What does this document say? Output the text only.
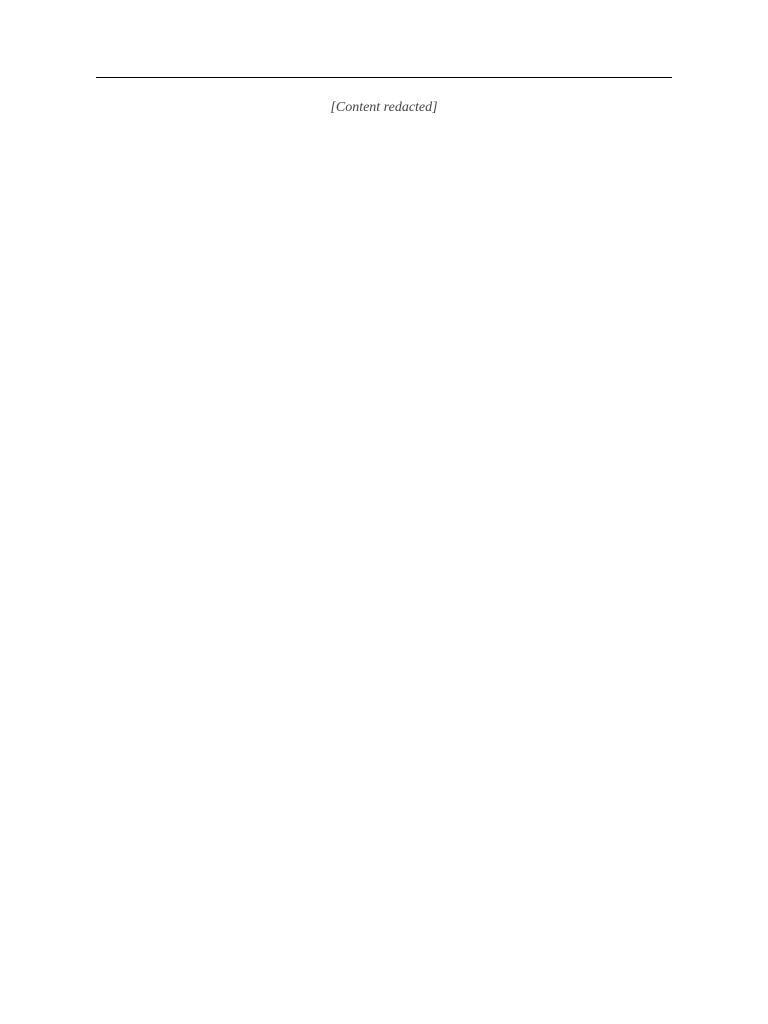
[Content redacted]
